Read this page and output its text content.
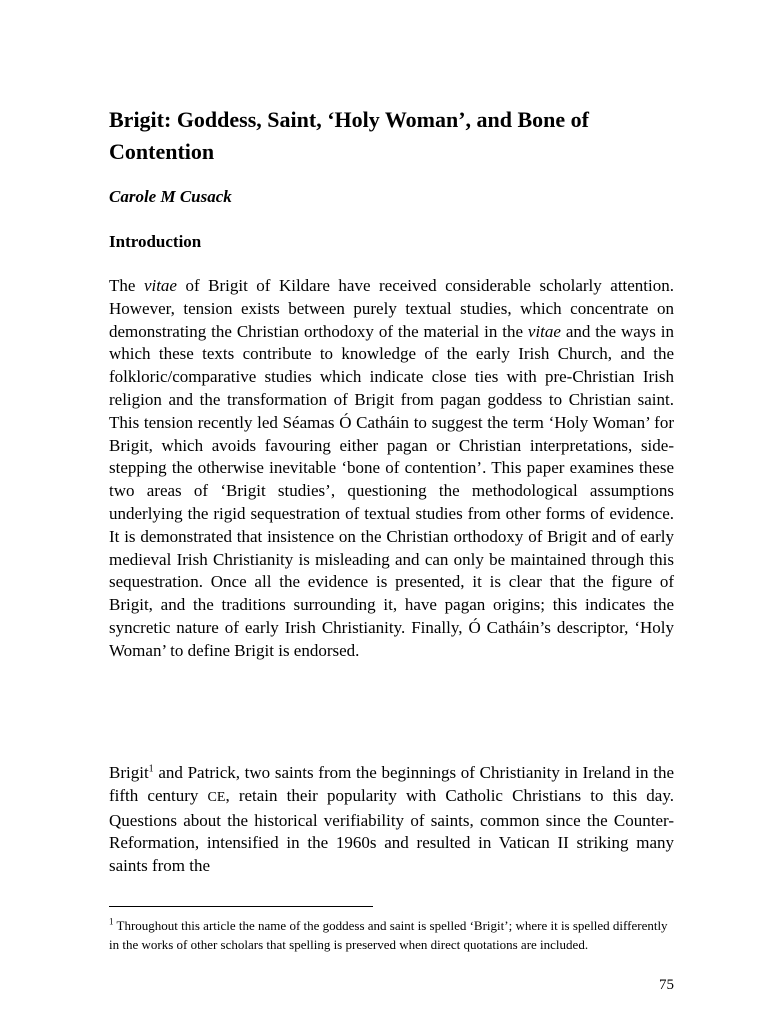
Brigit: Goddess, Saint, ‘Holy Woman’, and Bone of Contention

Carole M Cusack

Introduction

The vitae of Brigit of Kildare have received considerable scholarly attention. However, tension exists between purely textual studies, which concentrate on demonstrating the Christian orthodoxy of the material in the vitae and the ways in which these texts contribute to knowledge of the early Irish Church, and the folkloric/comparative studies which indicate close ties with pre-Christian Irish religion and the transformation of Brigit from pagan goddess to Christian saint. This tension recently led Séamas Ó Catháin to suggest the term ‘Holy Woman’ for Brigit, which avoids favouring either pagan or Christian interpretations, side-stepping the otherwise inevitable ‘bone of contention’. This paper examines these two areas of ‘Brigit studies’, questioning the methodological assumptions underlying the rigid sequestration of textual studies from other forms of evidence. It is demonstrated that insistence on the Christian orthodoxy of Brigit and of early medieval Irish Christianity is misleading and can only be maintained through this sequestration. Once all the evidence is presented, it is clear that the figure of Brigit, and the traditions surrounding it, have pagan origins; this indicates the syncretic nature of early Irish Christianity. Finally, Ó Catháin’s descriptor, ‘Holy Woman’ to define Brigit is endorsed.

Brigit$^1$ and Patrick, two saints from the beginnings of Christianity in Ireland in the fifth century CE, retain their popularity with Catholic Christians to this day. Questions about the historical verifiability of saints, common since the Counter-Reformation, intensified in the 1960s and resulted in Vatican II striking many saints from the

$^1$ Throughout this article the name of the goddess and saint is spelled ‘Brigit’; where it is spelled differently in the works of other scholars that spelling is preserved when direct quotations are included.

75
